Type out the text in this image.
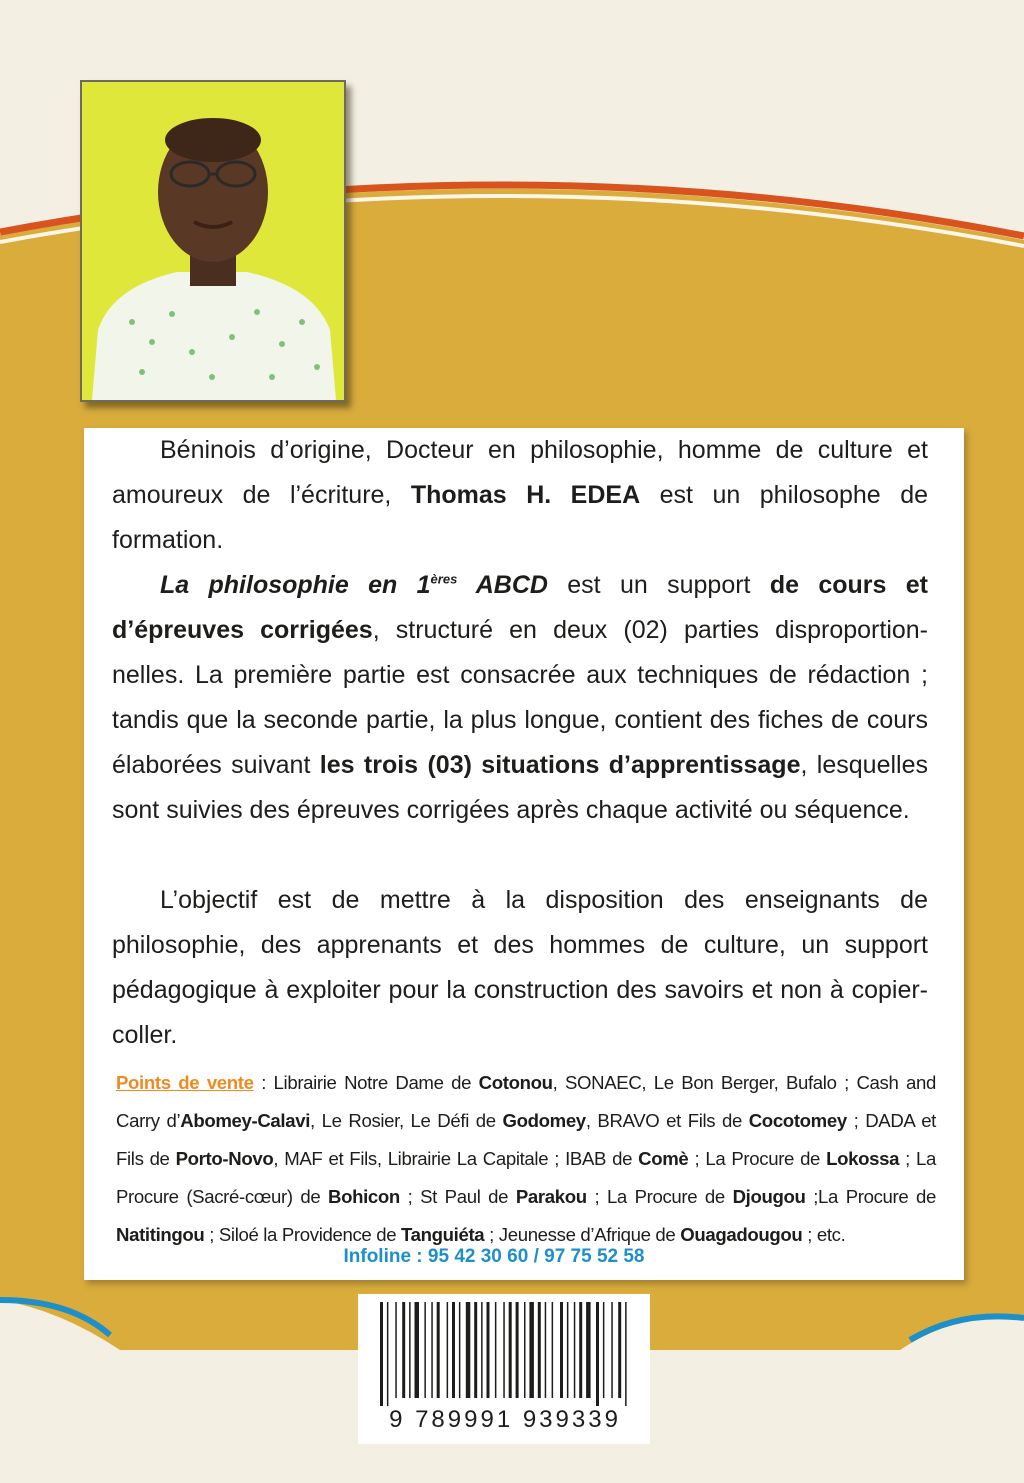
Béninois d’origine, Docteur en philosophie, homme de culture et amoureux de l’écriture, Thomas H. EDEA est un philosophe de formation.

La philosophie en 1ères ABCD est un support de cours et d’épreuves corrigées, structuré en deux (02) parties disproportion-nelles. La première partie est consacrée aux techniques de rédaction ; tandis que la seconde partie, la plus longue, contient des fiches de cours élaborées suivant les trois (03) situations d’apprentissage, lesquelles sont suivies des épreuves corrigées après chaque activité ou séquence.

L’objectif est de mettre à la disposition des enseignants de philosophie, des apprenants et des hommes de culture, un support pédagogique à exploiter pour la construction des savoirs et non à copier-coller.

Points de vente : Librairie Notre Dame de Cotonou, SONAEC, Le Bon Berger, Bufalo ; Cash and Carry d’Abomey-Calavi, Le Rosier, Le Défi de Godomey, BRAVO et Fils de Cocotomey ; DADA et Fils de Porto-Novo, MAF et Fils, Librairie La Capitale ; IBAB de Comè ; La Procure de Lokossa ; La Procure (Sacré-cœur) de Bohicon ; St Paul de Parakou ; La Procure de Djougou ;La Procure de Natitingou ; Siloé la Providence de Tanguiéta ; Jeunesse d’Afrique de Ouagadougou ; etc.

Infoline : 95 42 30 60 / 97 75 52 58
9 789991 939339
